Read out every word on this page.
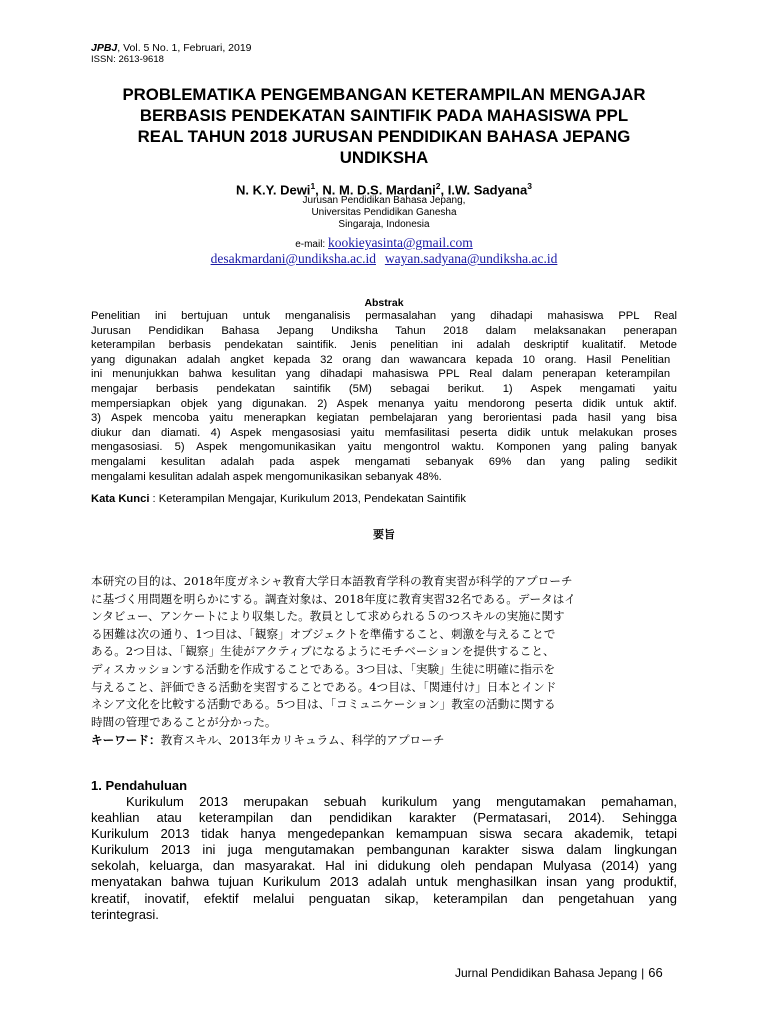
JPBJ, Vol. 5 No. 1, Februari, 2019
ISSN: 2613-9618
PROBLEMATIKA PENGEMBANGAN KETERAMPILAN MENGAJAR
BERBASIS PENDEKATAN SAINTIFIK PADA MAHASISWA PPL
REAL TAHUN 2018 JURUSAN PENDIDIKAN BAHASA JEPANG
UNDIKSHA
N. K.Y. Dewi$^1$, N. M. D.S. Mardani$^2$, I.W. Sadyana$^3$
Jurusan Pendidikan Bahasa Jepang,
Universitas Pendidikan Ganesha
Singaraja, Indonesia
e-mail: kookieyasinta@gmail.com
desakmardani@undiksha.ac.id wayan.sadyana@undiksha.ac.id
Abstrak
Penelitian ini bertujuan untuk menganalisis permasalahan yang dihadapi mahasiswa PPL Real
Jurusan Pendidikan Bahasa Jepang Undiksha Tahun 2018 dalam melaksanakan penerapan
keterampilan berbasis pendekatan saintifik. Jenis penelitian ini adalah deskriptif kualitatif. Metode
yang digunakan adalah angket kepada 32 orang dan wawancara kepada 10 orang. Hasil Penelitian
ini menunjukkan bahwa kesulitan yang dihadapi mahasiswa PPL Real dalam penerapan keterampilan
mengajar berbasis pendekatan saintifik (5M) sebagai berikut. 1) Aspek mengamati yaitu
mempersiapkan objek yang digunakan. 2) Aspek menanya yaitu mendorong peserta didik untuk aktif.
3) Aspek mencoba yaitu menerapkan kegiatan pembelajaran yang berorientasi pada hasil yang bisa
diukur dan diamati. 4) Aspek mengasosiasi yaitu memfasilitasi peserta didik untuk melakukan proses
mengasosiasi. 5) Aspek mengomunikasikan yaitu mengontrol waktu. Komponen yang paling banyak
mengalami kesulitan adalah pada aspek mengamati sebanyak 69% dan yang paling sedikit
mengalami kesulitan adalah aspek mengomunikasikan sebanyak 48%.
Kata Kunci : Keterampilan Mengajar, Kurikulum 2013, Pendekatan Saintifik
要旨
本研究の目的は、2018年度ガネシャ教育大学日本語教育学科の教育実習が科学的アプローチ
に基づく用問題を明らかにする。調査対象は、2018年度に教育実習32名である。データはイ
ンタビュー、アンケートにより収集した。教員として求められる５のつスキルの実施に関す
る困難は次の通り、1つ目は、「観察」オブジェクトを準備すること、刺激を与えることで
ある。2つ目は、「観察」生徒がアクティブになるようにモチベーションを提供すること、
ディスカッションする活動を作成することである。3つ目は、「実験」生徒に明確に指示を
与えること、評価できる活動を実習することである。4つ目は、「関連付け」日本とインド
ネシア文化を比較する活動である。5つ目は、「コミュニケーション」教室の活動に関する
時間の管理であることが分かった。
キーワード：教育スキル、2013年カリキュラム、科学的アプローチ
1. Pendahuluan
Kurikulum 2013 merupakan sebuah kurikulum yang mengutamakan pemahaman,
keahlian atau keterampilan dan pendidikan karakter (Permatasari, 2014). Sehingga
Kurikulum 2013 tidak hanya mengedepankan kemampuan siswa secara akademik, tetapi
Kurikulum 2013 ini juga mengutamakan pembangunan karakter siswa dalam lingkungan
sekolah, keluarga, dan masyarakat. Hal ini didukung oleh pendapan Mulyasa (2014) yang
menyatakan bahwa tujuan Kurikulum 2013 adalah untuk menghasilkan insan yang produktif,
kreatif, inovatif, efektif melalui penguatan sikap, keterampilan dan pengetahuan yang
terintegrasi.
Jurnal Pendidikan Bahasa Jepang | 66
